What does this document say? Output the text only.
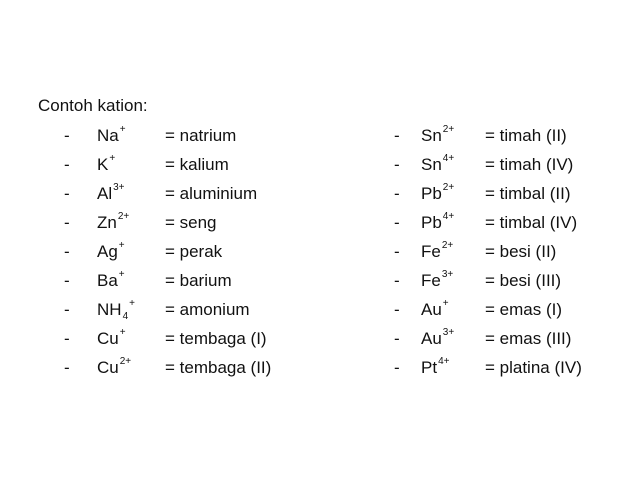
Contoh kation:
- Na+ = natrium
- K+	= kalium
- $Al^{3+}$ = aluminium
- $Zn^{2+}$ = seng
- Ag+ = perak
- Ba+ = barium
- $NH_4^+$ = amonium
- Cu+ = tembaga (I)
- $Cu^{2+}$ = tembaga (II)
- $Sn^{2+}$ = timah (II)
- $Sn^{4+}$ = timah (IV)
- $Pb^{2+}$ = timbal (II)
- $Pb^{4+}$ = timbal (IV)
- $Fe^{2+}$ = besi (II)
- $Fe^{3+}$ = besi (III)
- Au+ = emas (I)
- $Au^{3+}$ = emas (III)
- $Pt^{4+}$ = platina (IV)
